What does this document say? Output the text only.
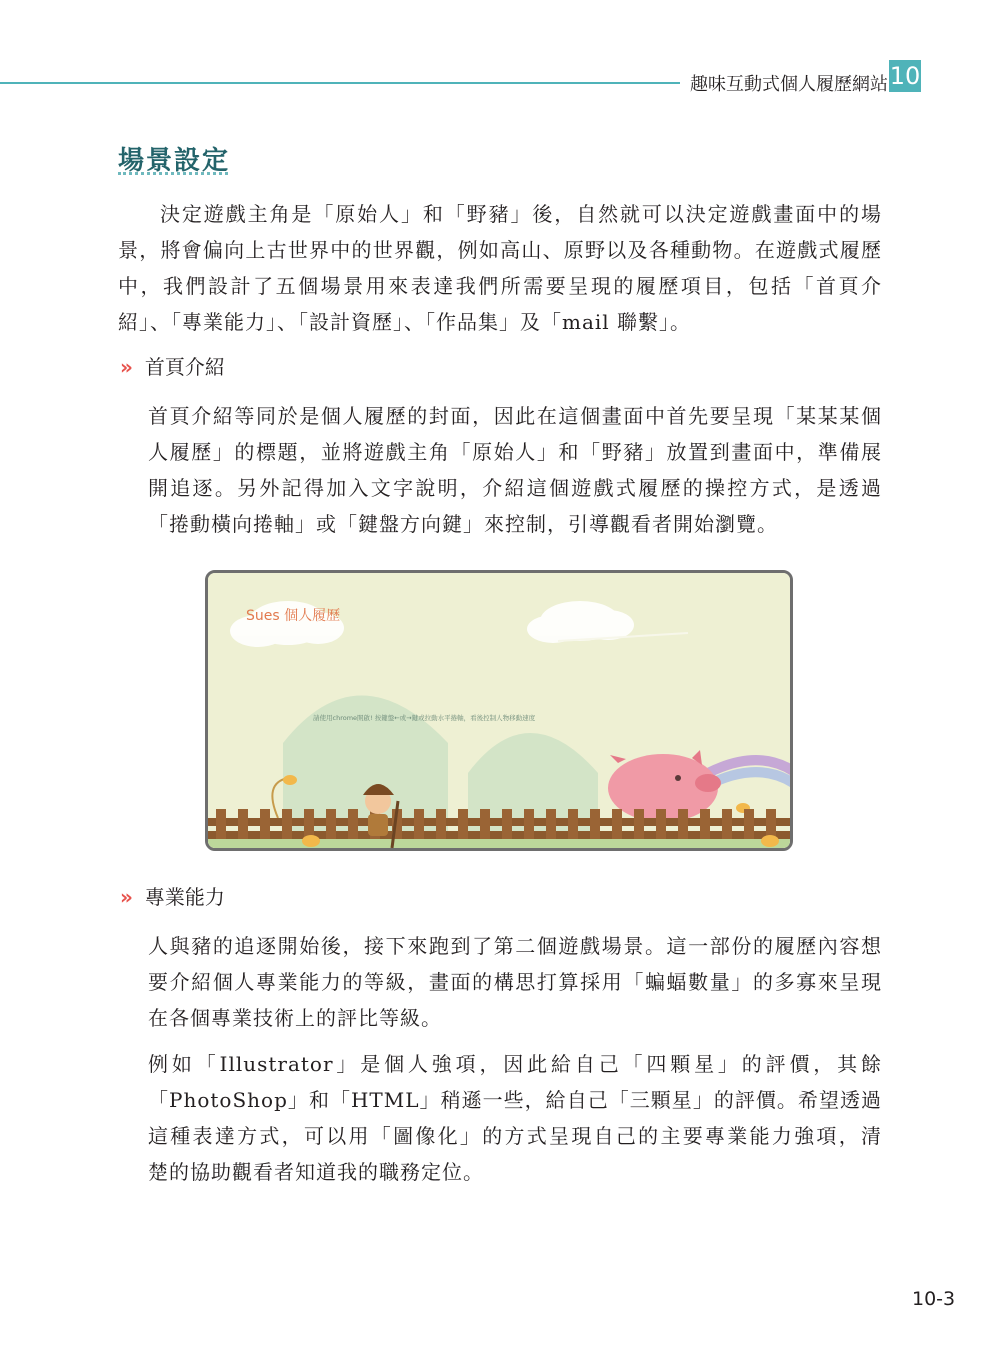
趣味互動式個人履歷網站 10
場景設定
決定遊戲主角是「原始人」和「野豬」後，自然就可以決定遊戲畫面中的場景，將會偏向上古世界中的世界觀，例如高山、原野以及各種動物。在遊戲式履歷中，我們設計了五個場景用來表達我們所需要呈現的履歷項目，包括「首頁介紹」、「專業能力」、「設計資歷」、「作品集」及「mail 聯繫」。
» 首頁介紹
首頁介紹等同於是個人履歷的封面，因此在這個畫面中首先要呈現「某某某個人履歷」的標題，並將遊戲主角「原始人」和「野豬」放置到畫面中，準備展開追逐。另外記得加入文字說明，介紹這個遊戲式履歷的操控方式，是透過「捲動橫向捲軸」或「鍵盤方向鍵」來控制，引導觀看者開始瀏覽。
Sues 個人履歷
請使用chrome開啟! 按鍵盤←或→鍵或拉動水平捲軸，看後控制人物移動速度
» 專業能力
人與豬的追逐開始後，接下來跑到了第二個遊戲場景。這一部份的履歷內容想要介紹個人專業能力的等級，畫面的構思打算採用「蝙蝠數量」的多寡來呈現在各個專業技術上的評比等級。
例如「Illustrator」是個人強項，因此給自己「四顆星」的評價，其餘
「PhotoShop」和「HTML」稍遜一些，給自己「三顆星」的評價。希望透過
這種表達方式，可以用「圖像化」的方式呈現自己的主要專業能力強項，清
楚的協助觀看者知道我的職務定位。
10-3
